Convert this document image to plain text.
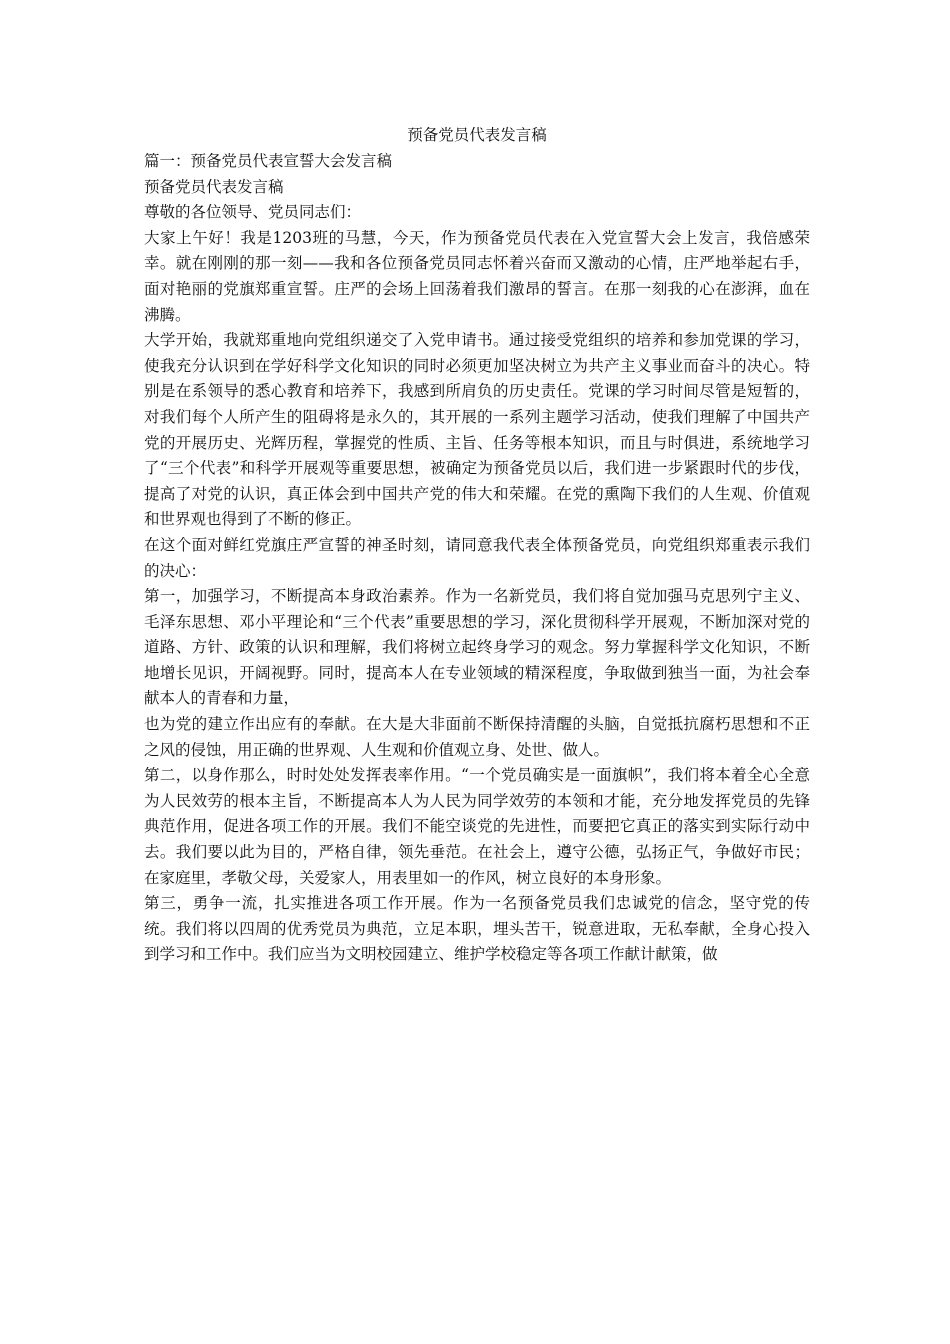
预备党员代表发言稿

篇一：预备党员代表宣誓大会发言稿

预备党员代表发言稿

尊敬的各位领导、党员同志们：

大家上午好！我是1203班的马慧，今天，作为预备党员代表在入党宣誓大会上发言，我倍感荣幸。就在刚刚的那一刻——我和各位预备党员同志怀着兴奋而又激动的心情，庄严地举起右手，面对艳丽的党旗郑重宣誓。庄严的会场上回荡着我们激昂的誓言。在那一刻我的心在澎湃，血在沸腾。

大学开始，我就郑重地向党组织递交了入党申请书。通过接受党组织的培养和参加党课的学习，使我充分认识到在学好科学文化知识的同时必须更加坚决树立为共产主义事业而奋斗的决心。特别是在系领导的悉心教育和培养下，我感到所肩负的历史责任。党课的学习时间尽管是短暂的，对我们每个人所产生的阻碍将是永久的，其开展的一系列主题学习活动，使我们理解了中国共产党的开展历史、光辉历程，掌握党的性质、主旨、任务等根本知识，而且与时俱进，系统地学习了“三个代表”和科学开展观等重要思想，被确定为预备党员以后，我们进一步紧跟时代的步伐，提高了对党的认识，真正体会到中国共产党的伟大和荣耀。在党的熏陶下我们的人生观、价值观和世界观也得到了不断的修正。

在这个面对鲜红党旗庄严宣誓的神圣时刻，请同意我代表全体预备党员，向党组织郑重表示我们的决心：

第一，加强学习，不断提高本身政治素养。作为一名新党员，我们将自觉加强马克思列宁主义、毛泽东思想、邓小平理论和“三个代表”重要思想的学习，深化贯彻科学开展观，不断加深对党的道路、方针、政策的认识和理解，我们将树立起终身学习的观念。努力掌握科学文化知识，不断地增长见识，开阔视野。同时，提高本人在专业领域的精深程度，争取做到独当一面，为社会奉献本人的青春和力量，

也为党的建立作出应有的奉献。在大是大非面前不断保持清醒的头脑，自觉抵抗腐朽思想和不正之风的侵蚀，用正确的世界观、人生观和价值观立身、处世、做人。

第二，以身作那么，时时处处发挥表率作用。“一个党员确实是一面旗帜”，我们将本着全心全意为人民效劳的根本主旨，不断提高本人为人民为同学效劳的本领和才能，充分地发挥党员的先锋典范作用，促进各项工作的开展。我们不能空谈党的先进性，而要把它真正的落实到实际行动中去。我们要以此为目的，严格自律，领先垂范。在社会上，遵守公德，弘扬正气，争做好市民；在家庭里，孝敬父母，关爱家人，用表里如一的作风，树立良好的本身形象。

第三，勇争一流，扎实推进各项工作开展。作为一名预备党员我们忠诚党的信念，坚守党的传统。我们将以四周的优秀党员为典范，立足本职，埋头苦干，锐意进取，无私奉献，全身心投入到学习和工作中。我们应当为文明校园建立、维护学校稳定等各项工作献计献策，做
